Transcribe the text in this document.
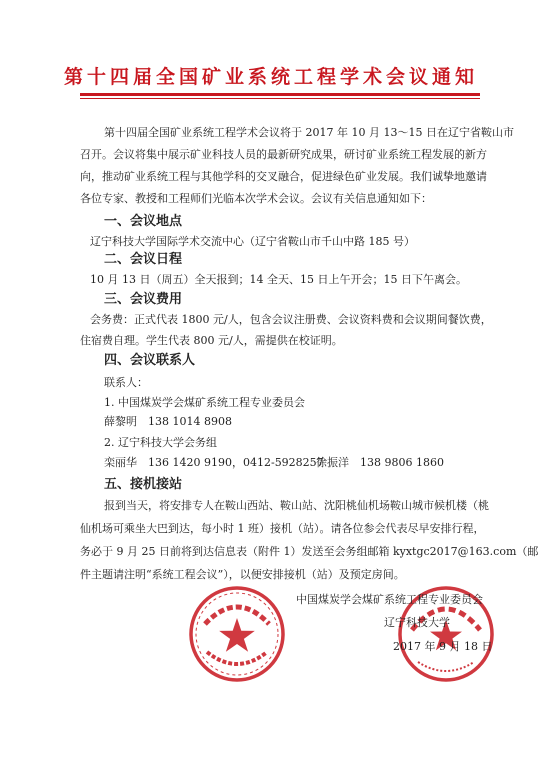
第十四届全国矿业系统工程学术会议通知
第十四届全国矿业系统工程学术会议将于 2017 年 10 月 13～15 日在辽宁省鞍山市
召开。会议将集中展示矿业科技人员的最新研究成果，研讨矿业系统工程发展的新方
向，推动矿业系统工程与其他学科的交叉融合，促进绿色矿业发展。我们诚挚地邀请
各位专家、教授和工程师们光临本次学术会议。会议有关信息通知如下：
一、会议地点
辽宁科技大学国际学术交流中心（辽宁省鞍山市千山中路 185 号）
二、会议日程
10 月 13 日（周五）全天报到；14 全天、15 日上午开会；15 日下午离会。
三、会议费用
会务费：正式代表 1800 元/人，包含会议注册费、会议资料费和会议期间餐饮费，
住宿费自理。学生代表 800 元/人，需提供在校证明。
四、会议联系人
联系人：
1. 中国煤炭学会煤矿系统工程专业委员会
薛黎明　138 1014 8908
2. 辽宁科技大学会务组
栾丽华　136 1420 9190，0412-5928257
徐振洋　138 9806 1860
五、接机接站
报到当天，将安排专人在鞍山西站、鞍山站、沈阳桃仙机场鞍山城市候机楼（桃
仙机场可乘坐大巴到达，每小时 1 班）接机（站）。请各位参会代表尽早安排行程，
务必于 9 月 25 日前将到达信息表（附件 1）发送至会务组邮箱 kyxtgc2017@163.com（邮
件主题请注明“系统工程会议”），以便安排接机（站）及预定房间。
中国煤炭学会煤矿系统工程专业委员会
辽宁科技大学
2017 年 9 月 18 日
